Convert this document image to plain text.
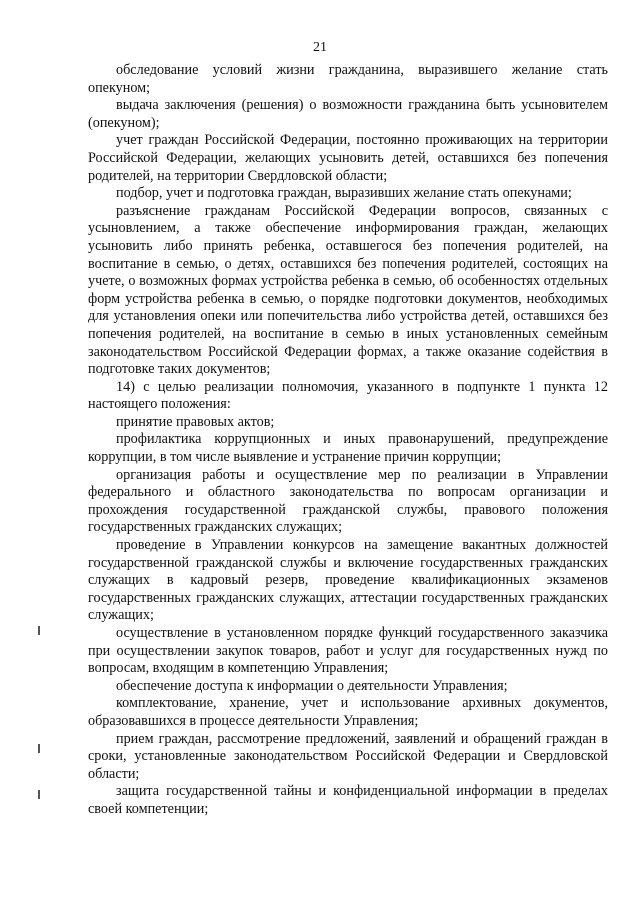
21

обследование условий жизни гражданина, выразившего желание стать опекуном;

выдача заключения (решения) о возможности гражданина быть усыновителем (опекуном);

учет граждан Российской Федерации, постоянно проживающих на территории Российской Федерации, желающих усыновить детей, оставшихся без попечения родителей, на территории Свердловской области;

подбор, учет и подготовка граждан, выразивших желание стать опекунами;

разъяснение гражданам Российской Федерации вопросов, связанных с усыновлением, а также обеспечение информирования граждан, желающих усыновить либо принять ребенка, оставшегося без попечения родителей, на воспитание в семью, о детях, оставшихся без попечения родителей, состоящих на учете, о возможных формах устройства ребенка в семью, об особенностях отдельных форм устройства ребенка в семью, о порядке подготовки документов, необходимых для установления опеки или попечительства либо устройства детей, оставшихся без попечения родителей, на воспитание в семью в иных установленных семейным законодательством Российской Федерации формах, а также оказание содействия в подготовке таких документов;

14) с целью реализации полномочия, указанного в подпункте 1 пункта 12 настоящего положения:

принятие правовых актов;

профилактика коррупционных и иных правонарушений, предупреждение коррупции, в том числе выявление и устранение причин коррупции;

организация работы и осуществление мер по реализации в Управлении федерального и областного законодательства по вопросам организации и прохождения государственной гражданской службы, правового положения государственных гражданских служащих;

проведение в Управлении конкурсов на замещение вакантных должностей государственной гражданской службы и включение государственных гражданских служащих в кадровый резерв, проведение квалификационных экзаменов государственных гражданских служащих, аттестации государственных гражданских служащих;

осуществление в установленном порядке функций государственного заказчика при осуществлении закупок товаров, работ и услуг для государственных нужд по вопросам, входящим в компетенцию Управления;

обеспечение доступа к информации о деятельности Управления;

комплектование, хранение, учет и использование архивных документов, образовавшихся в процессе деятельности Управления;

прием граждан, рассмотрение предложений, заявлений и обращений граждан в сроки, установленные законодательством Российской Федерации и Свердловской области;

защита государственной тайны и конфиденциальной информации в пределах своей компетенции;
